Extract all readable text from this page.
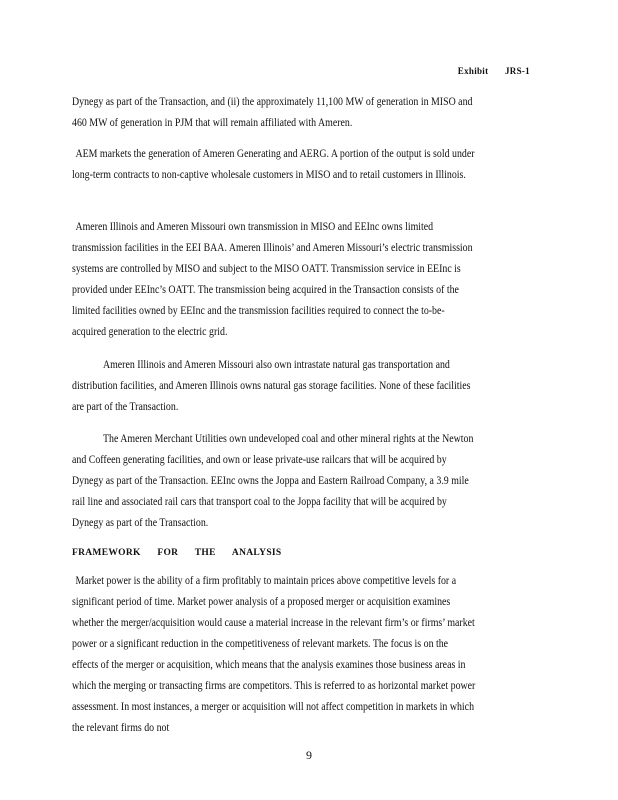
Exhibit JRS-1

Dynegy as part of the Transaction, and (ii) the approximately 11,100 MW of generation in MISO and 460 MW of generation in PJM that will remain affiliated with Ameren.

AEM markets the generation of Ameren Generating and AERG. A portion of the output is sold under long-term contracts to non-captive wholesale customers in MISO and to retail customers in Illinois.

Ameren Illinois and Ameren Missouri own transmission in MISO and EEInc owns limited transmission facilities in the EEI BAA. Ameren Illinois’ and Ameren Missouri’s electric transmission systems are controlled by MISO and subject to the MISO OATT. Transmission service in EEInc is provided under EEInc’s OATT. The transmission being acquired in the Transaction consists of the limited facilities owned by EEInc and the transmission facilities required to connect the to-be-acquired generation to the electric grid.

Ameren Illinois and Ameren Missouri also own intrastate natural gas transportation and distribution facilities, and Ameren Illinois owns natural gas storage facilities. None of these facilities are part of the Transaction.

The Ameren Merchant Utilities own undeveloped coal and other mineral rights at the Newton and Coffeen generating facilities, and own or lease private-use railcars that will be acquired by Dynegy as part of the Transaction. EEInc owns the Joppa and Eastern Railroad Company, a 3.9 mile rail line and associated rail cars that transport coal to the Joppa facility that will be acquired by Dynegy as part of the Transaction.

FRAMEWORK FOR THE ANALYSIS

Market power is the ability of a firm profitably to maintain prices above competitive levels for a significant period of time. Market power analysis of a proposed merger or acquisition examines whether the merger/acquisition would cause a material increase in the relevant firm’s or firms’ market power or a significant reduction in the competitiveness of relevant markets. The focus is on the effects of the merger or acquisition, which means that the analysis examines those business areas in which the merging or transacting firms are competitors. This is referred to as horizontal market power assessment. In most instances, a merger or acquisition will not affect competition in markets in which the relevant firms do not

9
